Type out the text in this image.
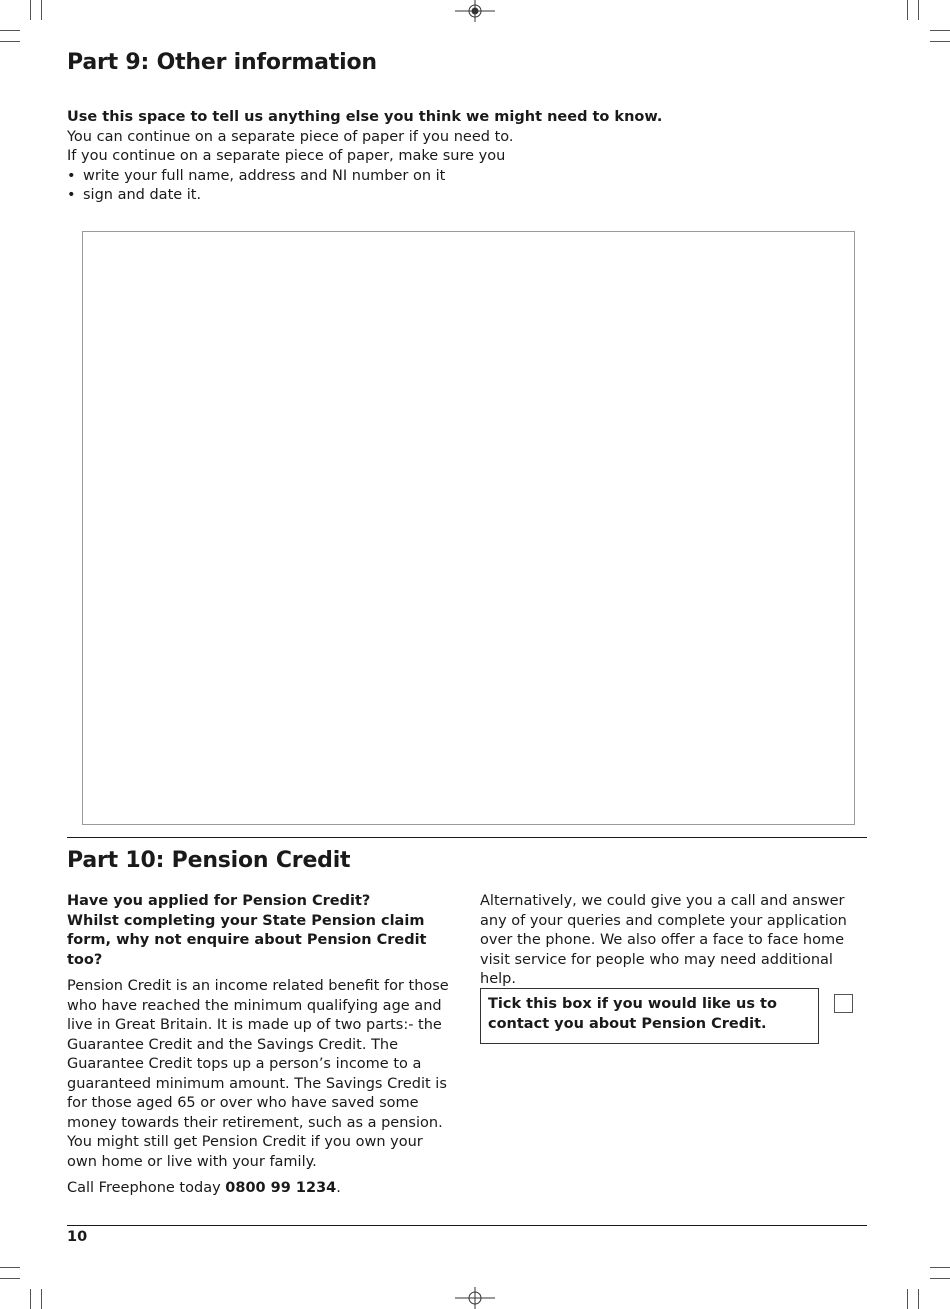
Part 9: Other information
Use this space to tell us anything else you think we might need to know.
You can continue on a separate piece of paper if you need to.
If you continue on a separate piece of paper, make sure you
• write your full name, address and NI number on it
• sign and date it.
Part 10: Pension Credit
Have you applied for Pension Credit?
Whilst completing your State Pension claim form, why not enquire about Pension Credit too?
Pension Credit is an income related benefit for those who have reached the minimum qualifying age and live in Great Britain. It is made up of two parts:- the Guarantee Credit and the Savings Credit. The Guarantee Credit tops up a person’s income to a guaranteed minimum amount. The Savings Credit is for those aged 65 or over who have saved some money towards their retirement, such as a pension. You might still get Pension Credit if you own your own home or live with your family.
Call Freephone today 0800 99 1234.
Alternatively, we could give you a call and answer any of your queries and complete your application over the phone. We also offer a face to face home visit service for people who may need additional help.
Tick this box if you would like us to contact you about Pension Credit.
10
